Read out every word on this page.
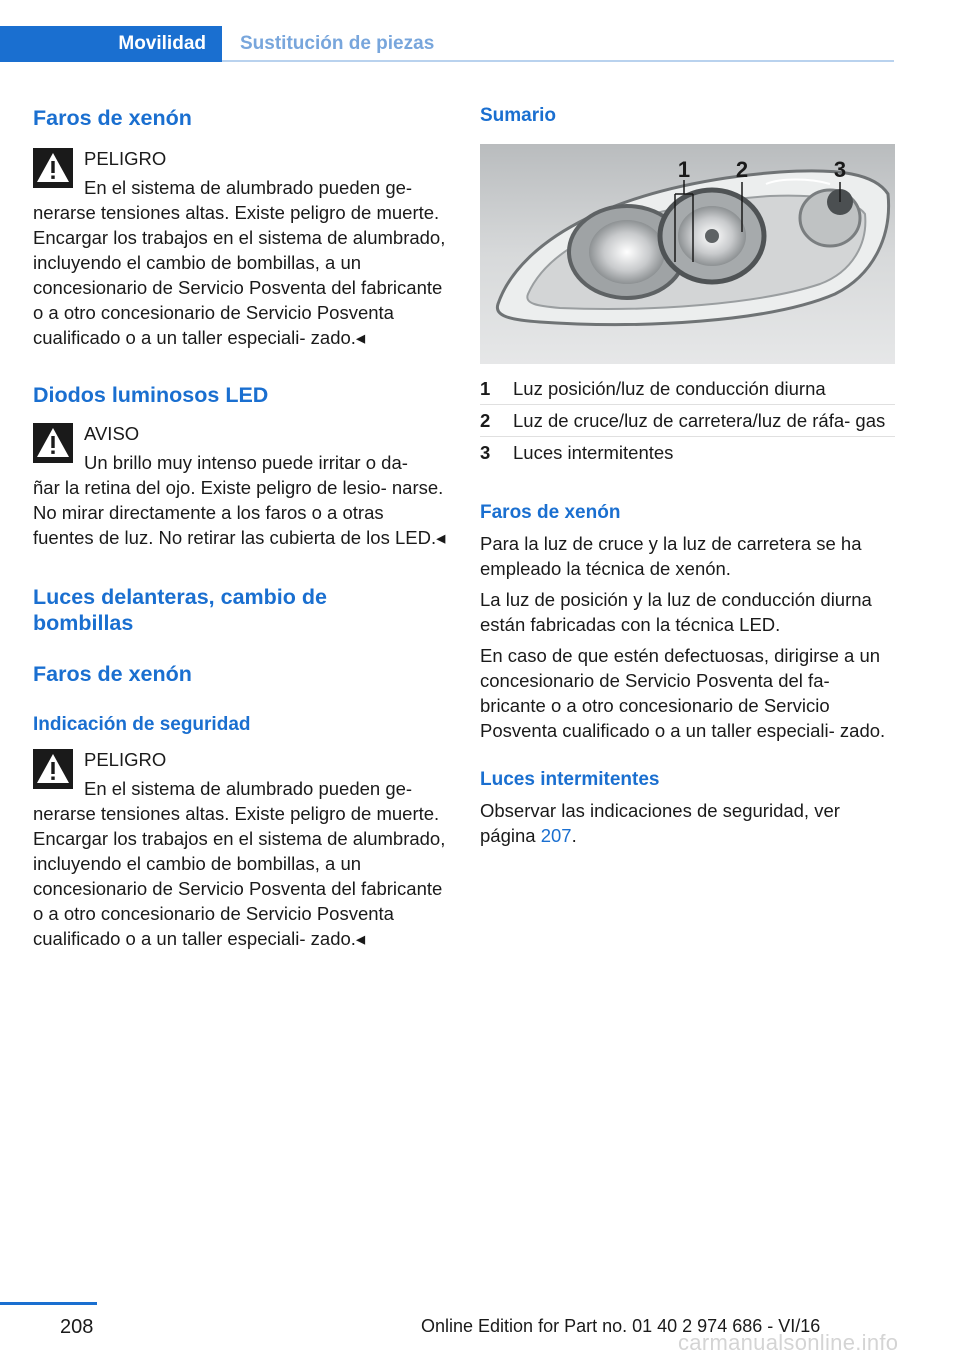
Movilidad Sustitución de piezas
Faros de xenón

PELIGRO

En el sistema de alumbrado pueden ge‐

nerarse tensiones altas. Existe peligro de muerte. Encargar los trabajos en el sistema de alumbrado, incluyendo el cambio de bombillas, a un concesionario de Servicio Posventa del fabricante o a otro concesionario de Servicio Posventa cualificado o a un taller especiali‐ zado.◂

Diodos luminosos LED

AVISO

Un brillo muy intenso puede irritar o da‐

ñar la retina del ojo. Existe peligro de lesio‐ narse. No mirar directamente a los faros o a otras fuentes de luz. No retirar las cubierta de los LED.◂

Luces delanteras, cambio de bombillas
Faros de xenón
Indicación de seguridad

PELIGRO

En el sistema de alumbrado pueden ge‐

nerarse tensiones altas. Existe peligro de muerte. Encargar los trabajos en el sistema de alumbrado, incluyendo el cambio de bombillas, a un concesionario de Servicio Posventa del fabricante o a otro concesionario de Servicio Posventa cualificado o a un taller especiali‐ zado.◂

Sumario
1 2	3
1	Luz posición/luz de conducción diurna
2	Luz de cruce/luz de carretera/luz de ráfa‐ gas
3	Luces intermitentes
Faros de xenón

Para la luz de cruce y la luz de carretera se ha empleado la técnica de xenón.

La luz de posición y la luz de conducción diurna están fabricadas con la técnica LED.

En caso de que estén defectuosas, dirigirse a un concesionario de Servicio Posventa del fa‐ bricante o a otro concesionario de Servicio Posventa cualificado o a un taller especiali‐ zado.

Luces intermitentes

Observar las indicaciones de seguridad, ver página 207.

208	Online Edition for Part no. 01 40 2 974 686 - VI/16
carmanualsonline.info
